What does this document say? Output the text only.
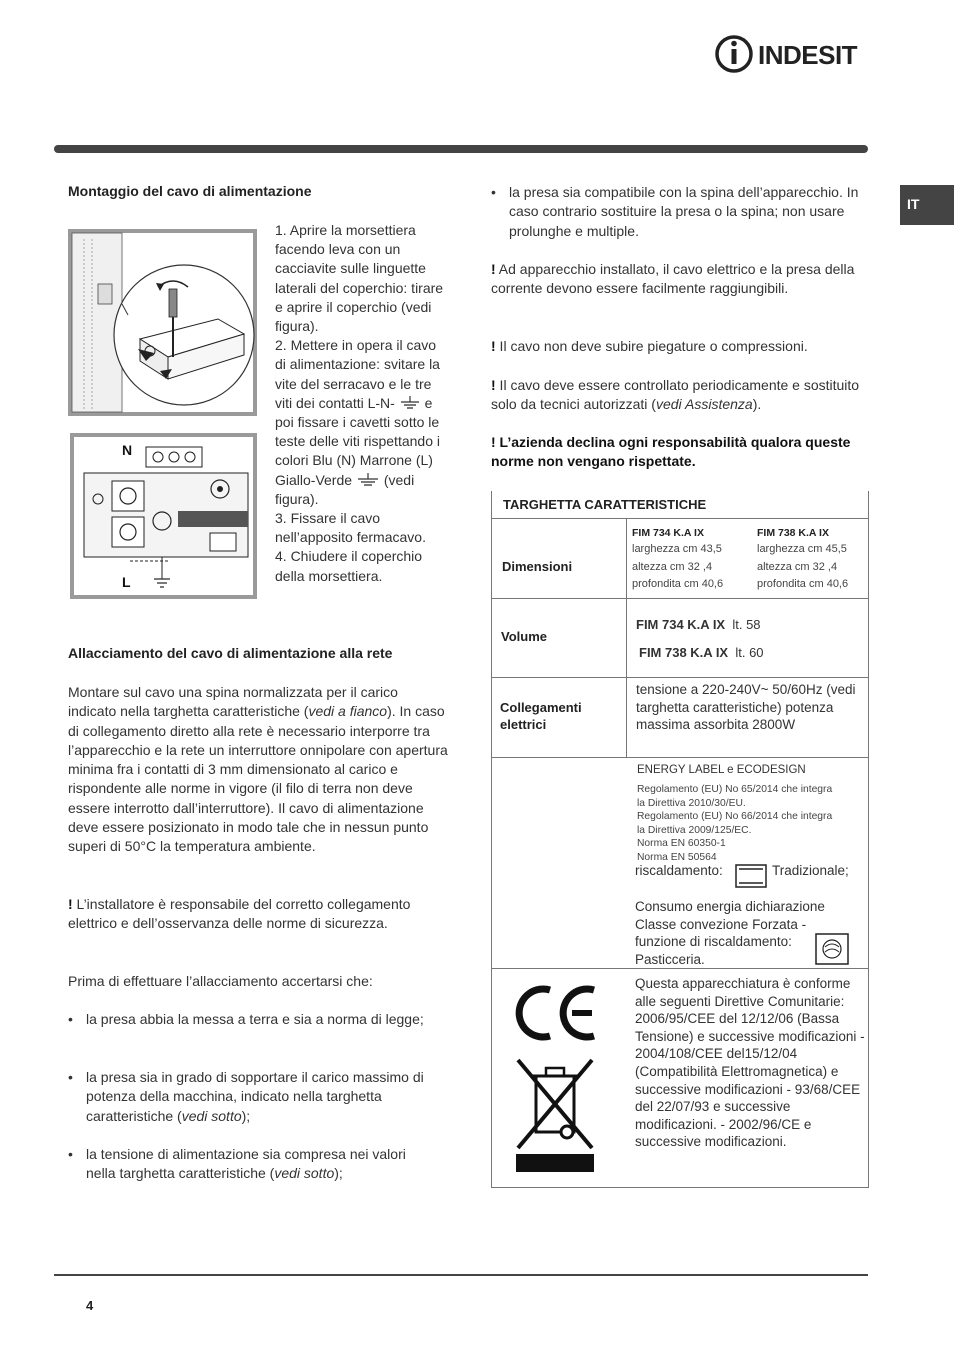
INDESIT
IT
Montaggio del cavo di alimentazione
N
L
1. Aprire la morsettiera facendo leva con un cacciavite sulle linguette laterali del coperchio: tirare e aprire il coperchio (vedi figura).
2. Mettere in opera il cavo di alimentazione: svitare la vite del serracavo e le tre viti dei contatti L-N- e poi fissare i cavetti sotto le teste delle viti rispettando i colori Blu (N) Marrone (L) Giallo-Verde (vedi figura).
3. Fissare il cavo nell’apposito fermacavo.
4. Chiudere il coperchio della morsettiera.
Allacciamento del cavo di alimentazione alla rete
Montare sul cavo una spina normalizzata per il carico indicato nella targhetta caratteristiche (vedi a fianco). In caso di collegamento diretto alla rete è necessario interporre tra l’apparecchio e la rete un interruttore onnipolare con apertura minima fra i contatti di 3 mm dimensionato al carico e rispondente alle norme in vigore (il filo di terra non deve essere interrotto dall’interruttore). Il cavo di alimentazione deve essere posizionato in modo tale che in nessun punto superi di 50°C la temperatura ambiente.
! L’installatore è responsabile del corretto collegamento elettrico e dell’osservanza delle norme di sicurezza.
Prima di effettuare l’allacciamento accertarsi che:
• la presa abbia la messa a terra e sia a norma di legge;
• la presa sia in grado di sopportare il carico massimo di potenza della macchina, indicato nella targhetta caratteristiche (vedi sotto);
• la tensione di alimentazione sia compresa nei valori nella targhetta caratteristiche (vedi sotto);
• la presa sia compatibile con la spina dell’apparecchio. In caso contrario sostituire la presa o la spina; non usare prolunghe e multiple.
! Ad apparecchio installato, il cavo elettrico e la presa della corrente devono essere facilmente raggiungibili.
! Il cavo non deve subire piegature o compressioni.
! Il cavo deve essere controllato periodicamente e sostituito solo da tecnici autorizzati (vedi Assistenza).
! L’azienda declina ogni responsabilità qualora queste norme non vengano rispettate.
TARGHETTA CARATTERISTICHE
Dimensioni
FIM 734 K.A IX	FIM 738 K.A IX
larghezza cm 43,5
altezza cm 32 ,4
profondita cm 40,6
larghezza cm 45,5
altezza cm 32 ,4
profondita cm 40,6
Volume
FIM 734 K.A IX lt. 58
FIM 738 K.A IX lt. 60
Collegamenti
elettrici
tensione a 220-240V~ 50/60Hz (vedi targhetta caratteristiche) potenza massima assorbita 2800W
ENERGY LABEL e ECODESIGN
Regolamento (EU) No 65/2014 che integra
la Direttiva 2010/30/EU.
Regolamento (EU) No 66/2014 che integra
la Direttiva 2009/125/EC.
Norma EN 60350-1
Norma EN 50564
riscaldamento:	Tradizionale;
Consumo energia dichiarazione Classe convezione Forzata - funzione di riscaldamento: Pasticceria.
Questa apparecchiatura è conforme alle seguenti Direttive Comunitarie: 2006/95/CEE del 12/12/06 (Bassa Tensione) e successive modificazioni - 2004/108/CEE del15/12/04 (Compatibilità Elettromagnetica) e successive modificazioni - 93/68/CEE del 22/07/93 e successive modificazioni. - 2002/96/CE e successive modificazioni.
4
